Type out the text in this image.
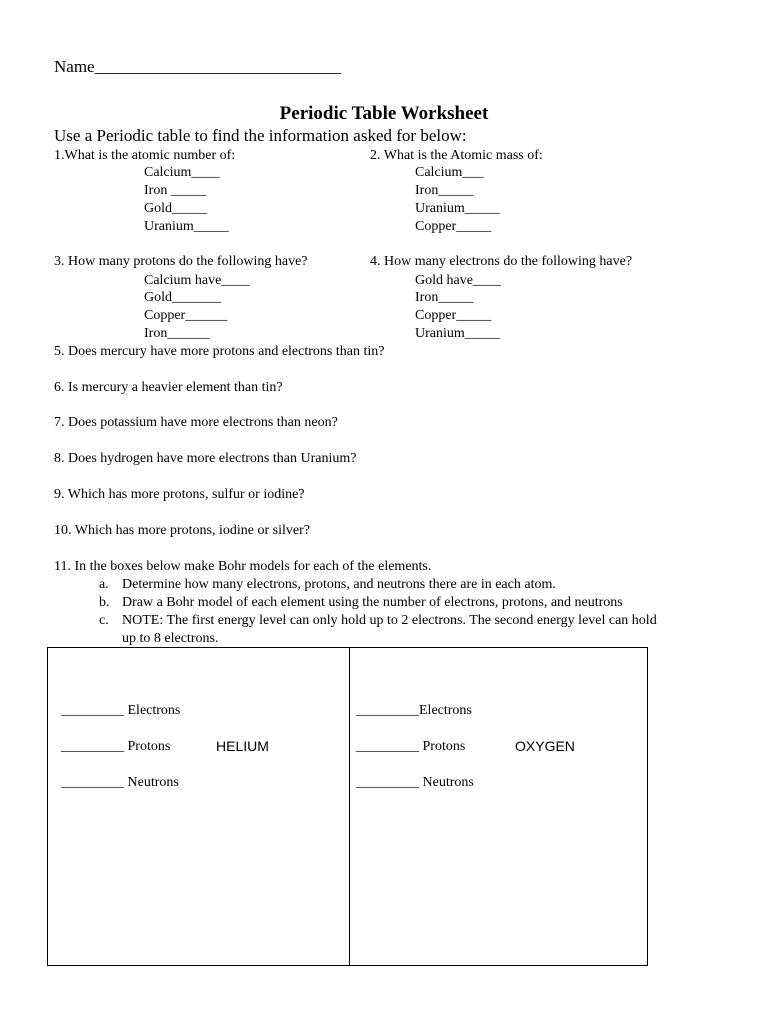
Name_____________________________
Periodic Table Worksheet
Use a Periodic table to find the information asked for below:
1.What is the atomic number of:
Calcium____
Iron _____
Gold_____
Uranium_____
2. What is the Atomic mass of:
Calcium___
Iron_____
Uranium_____
Copper_____
3. How many protons do the following have?
Calcium have____
Gold_______
Copper______
Iron______
4. How many electrons do the following have?
Gold have____
Iron_____
Copper_____
Uranium_____
5. Does mercury have more protons and electrons than tin?
6. Is mercury a heavier element than tin?
7. Does potassium have more electrons than neon?
8. Does hydrogen have more electrons than Uranium?
9. Which has more protons, sulfur or iodine?
10. Which has more protons, iodine or silver?
11. In the boxes below make Bohr models for each of the elements.
a. Determine how many electrons, protons, and neutrons there are in each atom.
b. Draw a Bohr model of each element using the number of electrons, protons, and neutrons
c. NOTE: The first energy level can only hold up to 2 electrons. The second energy level can hold
up to 8 electrons.
_________ Electrons
_________ Protons	HELIUM
_________ Neutrons
_________Electrons
_________ Protons	OXYGEN
_________ Neutrons
